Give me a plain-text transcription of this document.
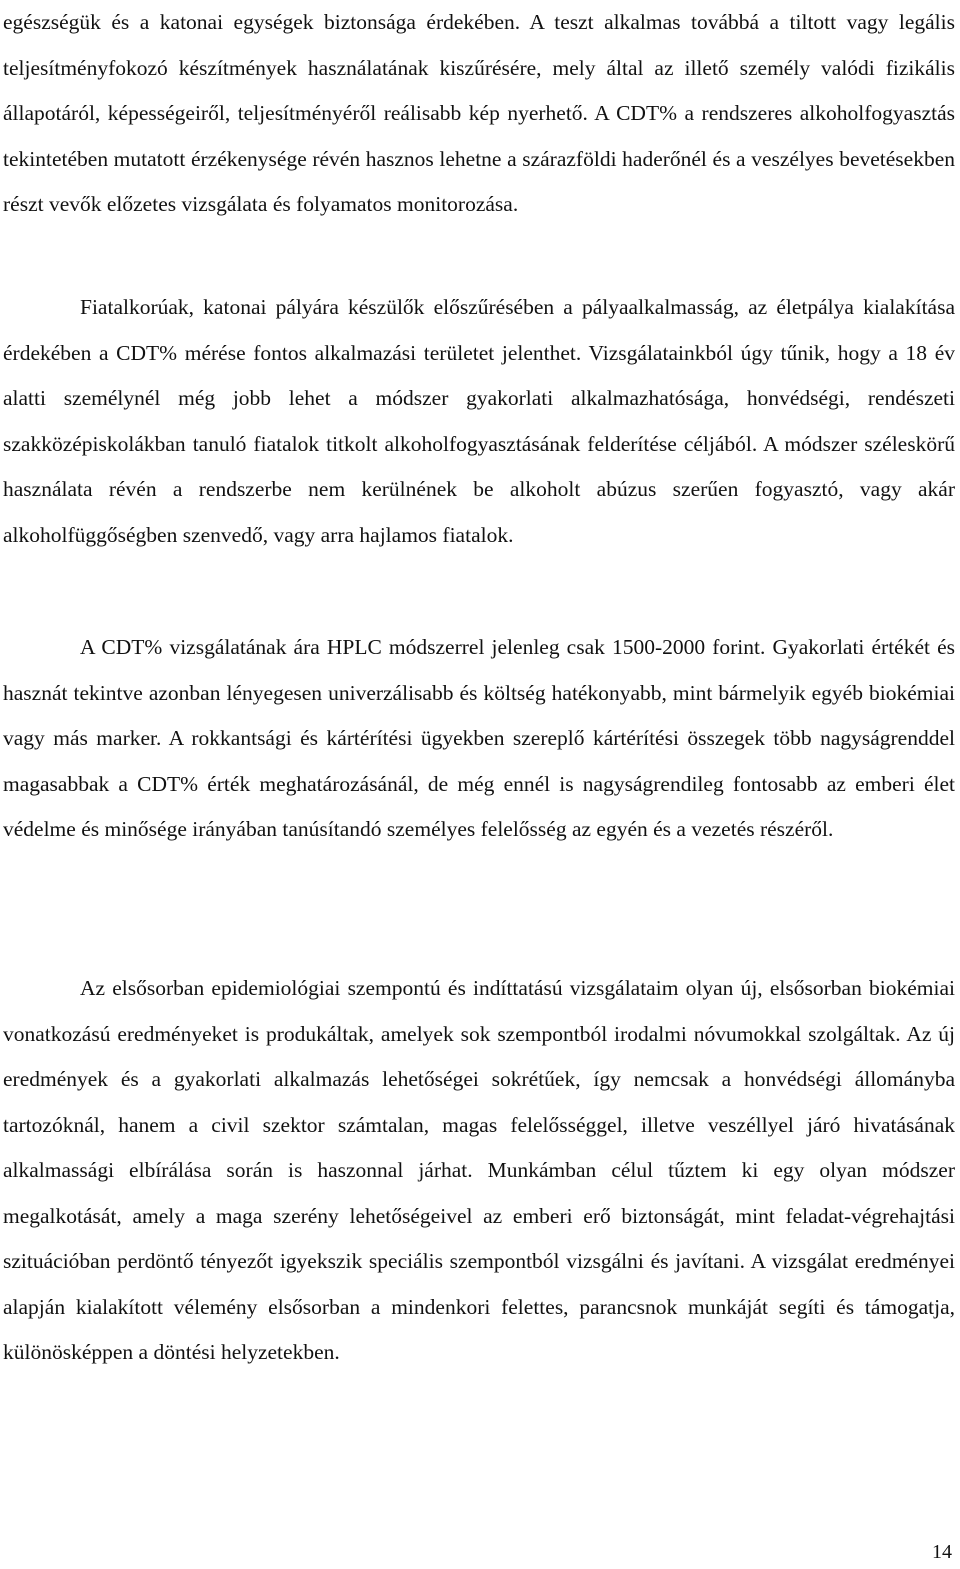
egészségük és a katonai egységek biztonsága érdekében. A teszt alkalmas továbbá a tiltott vagy legális teljesítményfokozó készítmények használatának kiszűrésére, mely által az illető személy valódi fizikális állapotáról, képességeiről, teljesítményéről reálisabb kép nyerhető. A CDT% a rendszeres alkoholfogyasztás tekintetében mutatott érzékenysége révén hasznos lehetne a szárazföldi haderőnél és a veszélyes bevetésekben részt vevők előzetes vizsgálata és folyamatos monitorozása.

Fiatalkorúak, katonai pályára készülők előszűrésében a pályaalkalmasság, az életpálya kialakítása érdekében a CDT% mérése fontos alkalmazási területet jelenthet. Vizsgálatainkból úgy tűnik, hogy a 18 év alatti személynél még jobb lehet a módszer gyakorlati alkalmazhatósága, honvédségi, rendészeti szakközépiskolákban tanuló fiatalok titkolt alkoholfogyasztásának felderítése céljából. A módszer széleskörű használata révén a rendszerbe nem kerülnének be alkoholt abúzus szerűen fogyasztó, vagy akár alkoholfüggőségben szenvedő, vagy arra hajlamos fiatalok.

A CDT% vizsgálatának ára HPLC módszerrel jelenleg csak 1500-2000 forint. Gyakorlati értékét és hasznát tekintve azonban lényegesen univerzálisabb és költség hatékonyabb, mint bármelyik egyéb biokémiai vagy más marker. A rokkantsági és kártérítési ügyekben szereplő kártérítési összegek több nagyságrenddel magasabbak a CDT% érték meghatározásánál, de még ennél is nagyságrendileg fontosabb az emberi élet védelme és minősége irányában tanúsítandó személyes felelősség az egyén és a vezetés részéről.

Az elsősorban epidemiológiai szempontú és indíttatású vizsgálataim olyan új, elsősorban biokémiai vonatkozású eredményeket is produkáltak, amelyek sok szempontból irodalmi nóvumokkal szolgáltak. Az új eredmények és a gyakorlati alkalmazás lehetőségei sokrétűek, így nemcsak a honvédségi állományba tartozóknál, hanem a civil szektor számtalan, magas felelősséggel, illetve veszéllyel járó hivatásának alkalmassági elbírálása során is haszonnal járhat. Munkámban célul tűztem ki egy olyan módszer megalkotását, amely a maga szerény lehetőségeivel az emberi erő biztonságát, mint feladat-végrehajtási szituációban perdöntő tényezőt igyekszik speciális szempontból vizsgálni és javítani. A vizsgálat eredményei alapján kialakított vélemény elsősorban a mindenkori felettes, parancsnok munkáját segíti és támogatja, különösképpen a döntési helyzetekben.

14
